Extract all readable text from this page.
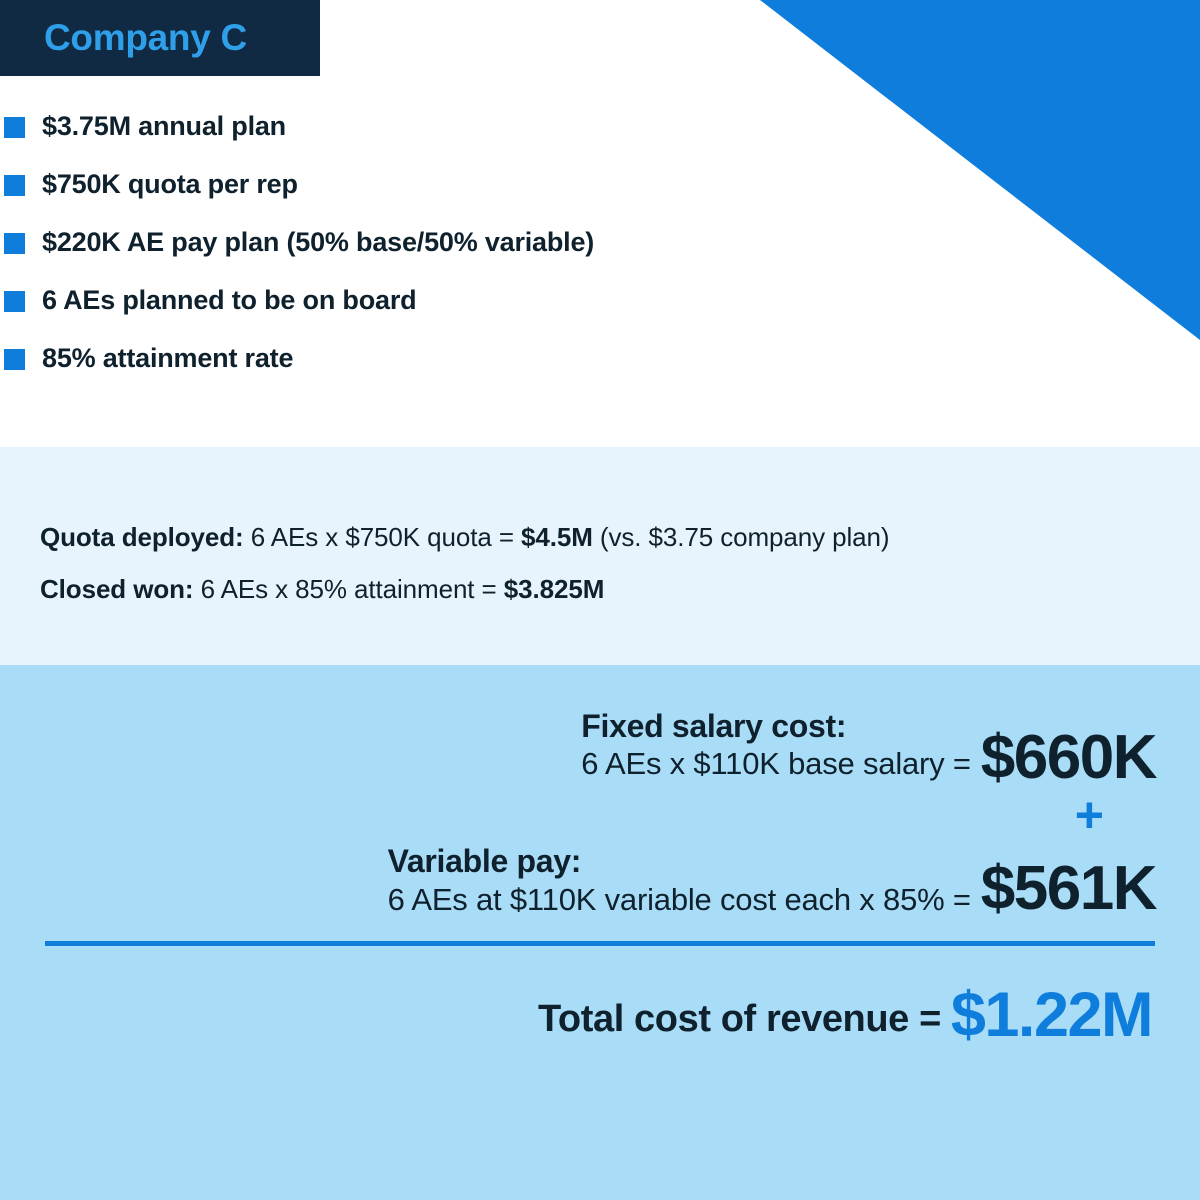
Company C
$3.75M annual plan
$750K quota per rep
$220K AE pay plan (50% base/50% variable)
6 AEs planned to be on board
85% attainment rate
Quota deployed: 6 AEs x $750K quota = $4.5M (vs. $3.75 company plan)
Closed won: 6 AEs x 85% attainment = $3.825M
Fixed salary cost:
6 AEs x $110K base salary = $660K
+
Variable pay:
6 AEs at $110K variable cost each x 85% = $561K
Total cost of revenue = $1.22M
